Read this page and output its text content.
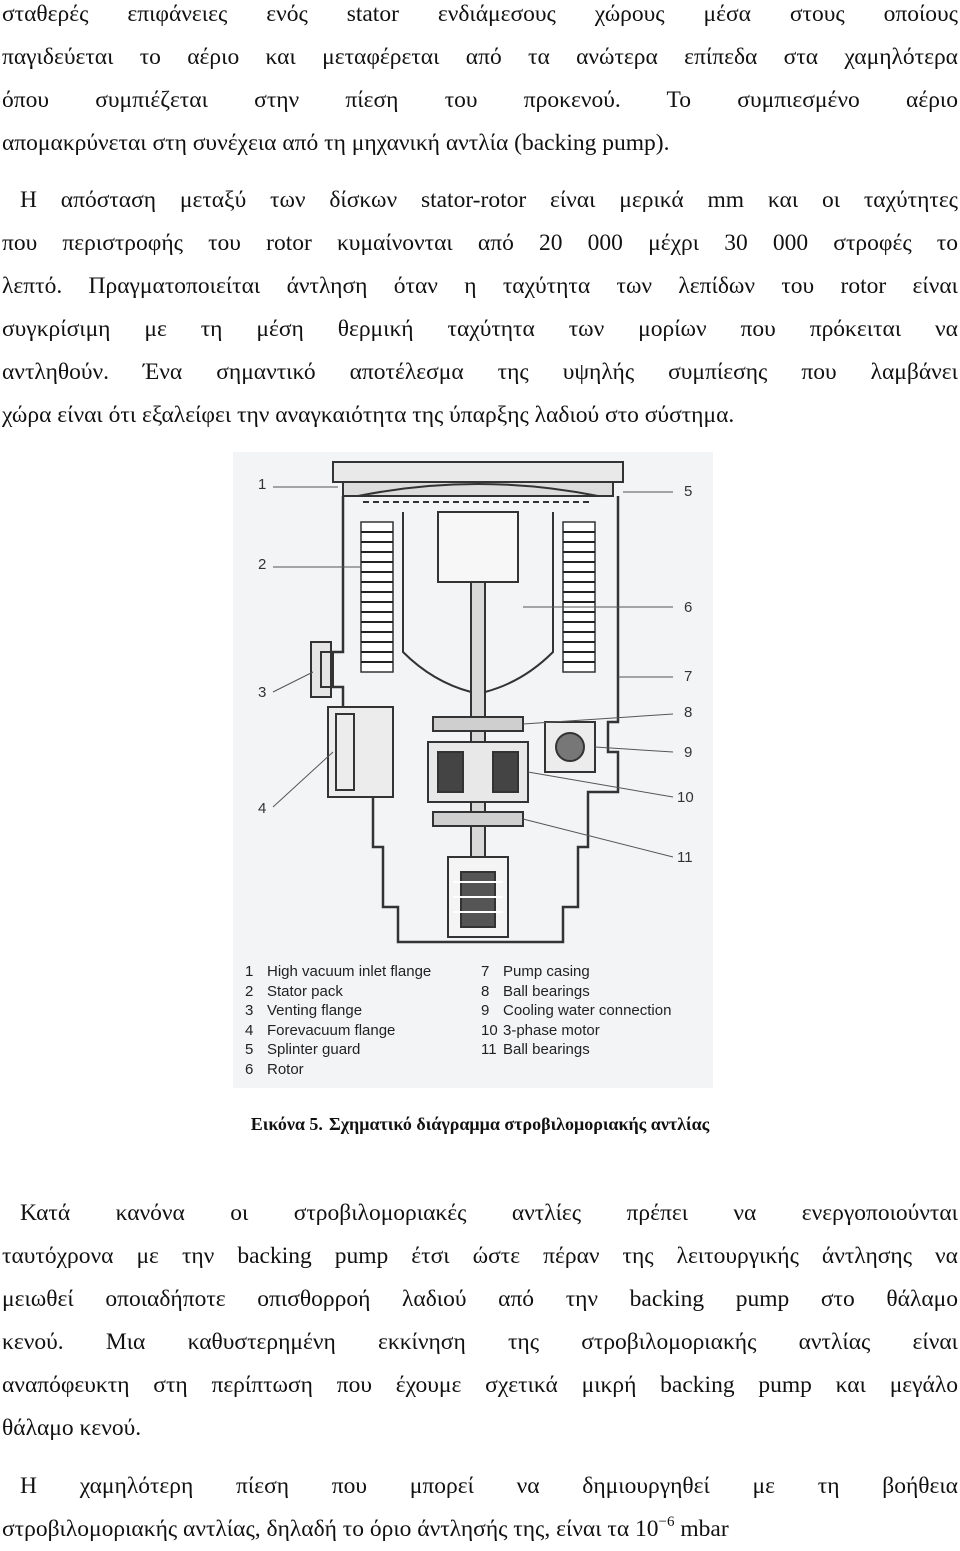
σταθερές επιφάνειες ενός stator ενδιάμεσους χώρους μέσα στους οποίους
παγιδεύεται το αέριο και μεταφέρεται από τα ανώτερα επίπεδα στα χαμηλότερα
όπου συμπιέζεται στην πίεση του προκενού. Το συμπιεσμένο αέριο
απομακρύνεται στη συνέχεια από τη μηχανική αντλία (backing pump).
Η απόσταση μεταξύ των δίσκων stator-rotor είναι μερικά mm και οι ταχύτητες
που περιστροφής του rotor κυμαίνονται από 20 000 μέχρι 30 000 στροφές το
λεπτό. Πραγματοποιείται άντληση όταν η ταχύτητα των λεπίδων του rotor είναι
συγκρίσιμη με τη μέση θερμική ταχύτητα των μορίων που πρόκειται να
αντληθούν. Ένα σημαντικό αποτέλεσμα της υψηλής συμπίεσης που λαμβάνει
χώρα είναι ότι εξαλείφει την αναγκαιότητα της ύπαρξης λαδιού στο σύστημα.
1
2
3
4
5
6
7
8
9
10
11
1 High vacuum inlet flange
2 Stator pack
3 Venting flange
4 Forevacuum flange
5 Splinter guard
6 Rotor
7 Pump casing
8 Ball bearings
9 Cooling water connection
10 3-phase motor
11 Ball bearings
Εικόνα 5. Σχηματικό διάγραμμα στροβιλομοριακής αντλίας
Κατά κανόνα οι στροβιλομοριακές αντλίες πρέπει να ενεργοποιούνται
ταυτόχρονα με την backing pump έτσι ώστε πέραν της λειτουργικής άντλησης να
μειωθεί οποιαδήποτε οπισθορροή λαδιού από την backing pump στο θάλαμο
κενού. Μια καθυστερημένη εκκίνηση της στροβιλομοριακής αντλίας είναι
αναπόφευκτη στη περίπτωση που έχουμε σχετικά μικρή backing pump και μεγάλο
θάλαμο κενού.
Η χαμηλότερη πίεση που μπορεί να δημιουργηθεί με τη βοήθεια
στροβιλομοριακής αντλίας, δηλαδή το όριο άντλησής της, είναι τα $10^{-6}$ mbar
